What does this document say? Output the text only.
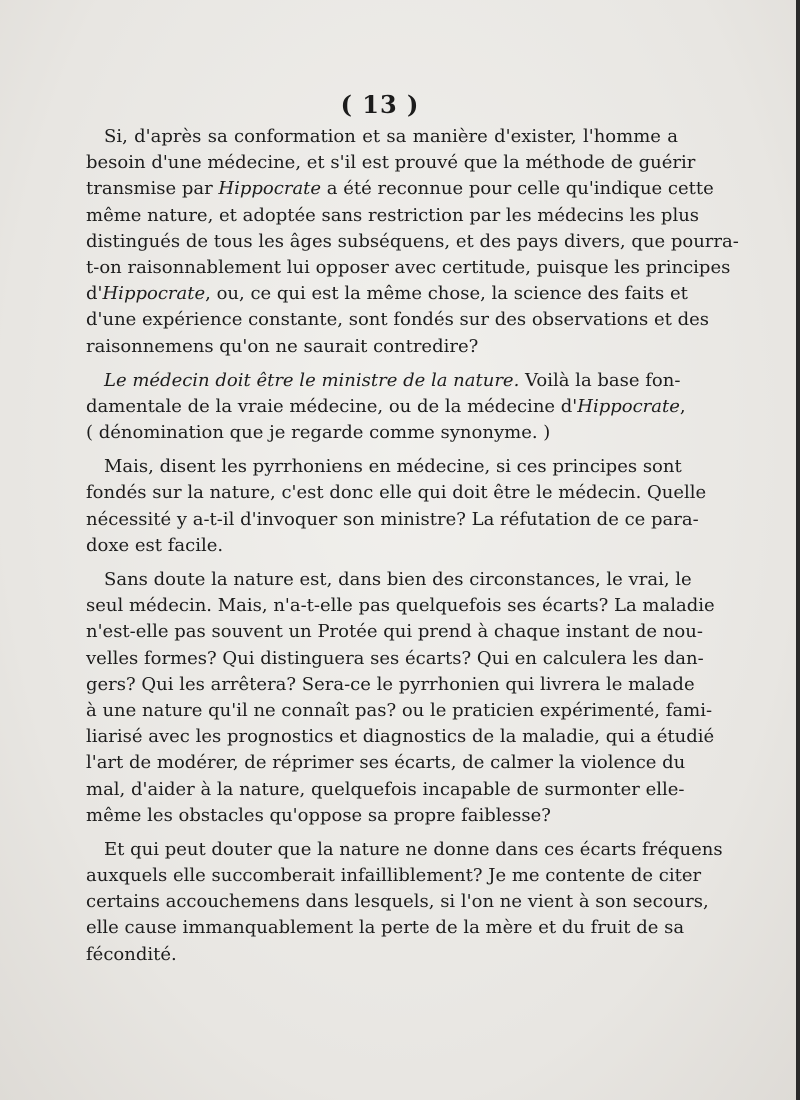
( 13 )
Si, d'après sa conformation et sa manière d'exister, l'homme a
besoin d'une médecine, et s'il est prouvé que la méthode de guérir
transmise par Hippocrate a été reconnue pour celle qu'indique cette
même nature, et adoptée sans restriction par les médecins les plus
distingués de tous les âges subséquens, et des pays divers, que pourra-
t-on raisonnablement lui opposer avec certitude, puisque les principes
d'Hippocrate, ou, ce qui est la même chose, la science des faits et
d'une expérience constante, sont fondés sur des observations et des
raisonnemens qu'on ne saurait contredire?
Le médecin doit être le ministre de la nature. Voilà la base fon-
damentale de la vraie médecine, ou de la médecine d'Hippocrate,
( dénomination que je regarde comme synonyme. )
Mais, disent les pyrrhoniens en médecine, si ces principes sont
fondés sur la nature, c'est donc elle qui doit être le médecin. Quelle
nécessité y a-t-il d'invoquer son ministre? La réfutation de ce para-
doxe est facile.
Sans doute la nature est, dans bien des circonstances, le vrai, le
seul médecin. Mais, n'a-t-elle pas quelquefois ses écarts? La maladie
n'est-elle pas souvent un Protée qui prend à chaque instant de nou-
velles formes? Qui distinguera ses écarts? Qui en calculera les dan-
gers? Qui les arrêtera? Sera-ce le pyrrhonien qui livrera le malade
à une nature qu'il ne connaît pas? ou le praticien expérimenté, fami-
liarisé avec les prognostics et diagnostics de la maladie, qui a étudié
l'art de modérer, de réprimer ses écarts, de calmer la violence du
mal, d'aider à la nature, quelquefois incapable de surmonter elle-
même les obstacles qu'oppose sa propre faiblesse?
Et qui peut douter que la nature ne donne dans ces écarts fréquens
auxquels elle succomberait infailliblement? Je me contente de citer
certains accouchemens dans lesquels, si l'on ne vient à son secours,
elle cause immanquablement la perte de la mère et du fruit de sa
fécondité.
